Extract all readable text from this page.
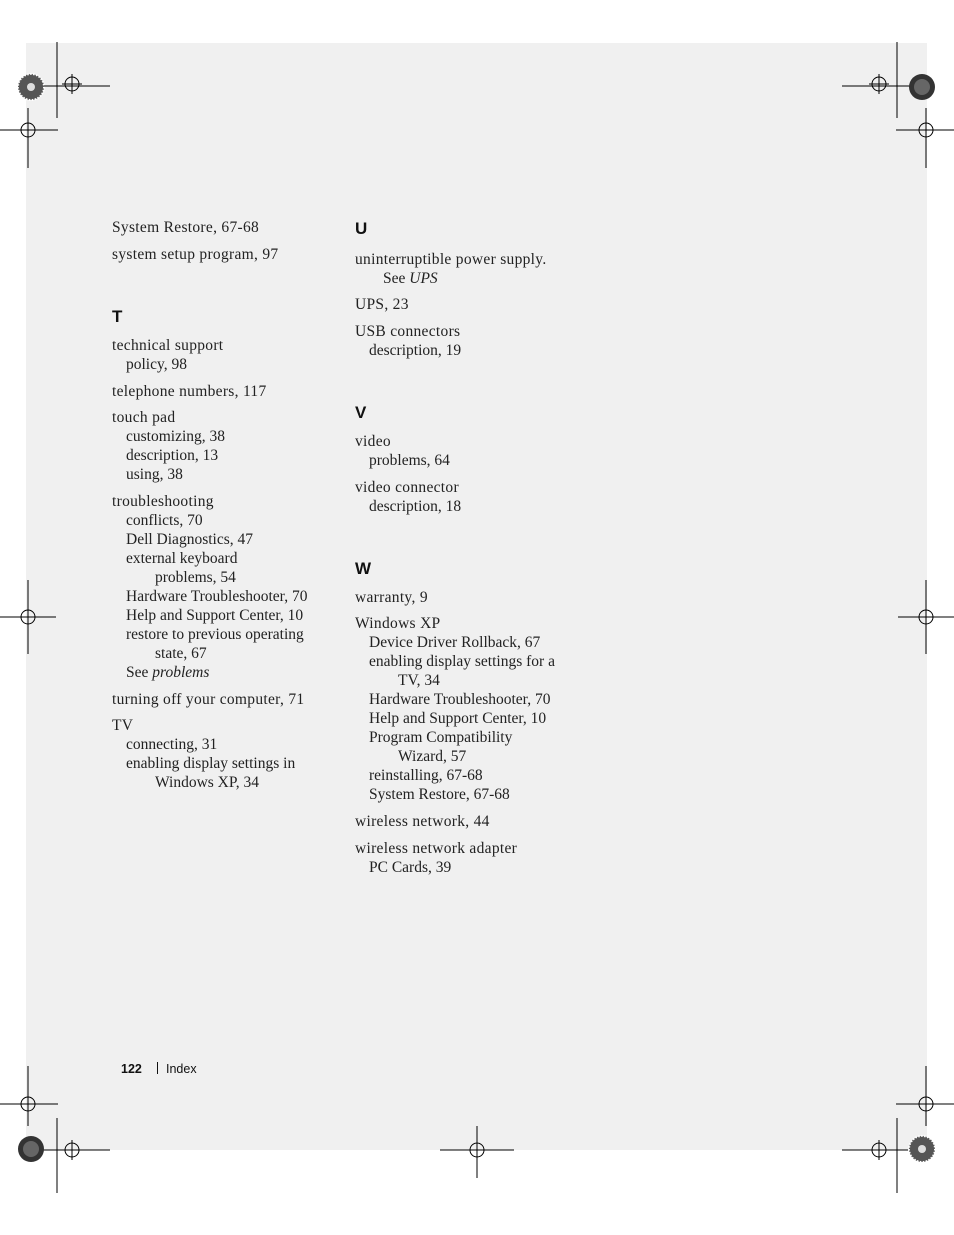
System Restore, 67-68
system setup program, 97
T
technical support
policy, 98
telephone numbers, 117
touch pad
customizing, 38
description, 13
using, 38
troubleshooting
conflicts, 70
Dell Diagnostics, 47
external keyboard
problems, 54
Hardware Troubleshooter, 70
Help and Support Center, 10
restore to previous operating
state, 67
See problems
turning off your computer, 71
TV
connecting, 31
enabling display settings in
Windows XP, 34
U
uninterruptible power supply.
See UPS
UPS, 23
USB connectors
description, 19
V
video
problems, 64
video connector
description, 18
W
warranty, 9
Windows XP
Device Driver Rollback, 67
enabling display settings for a
TV, 34
Hardware Troubleshooter, 70
Help and Support Center, 10
Program Compatibility
Wizard, 57
reinstalling, 67-68
System Restore, 67-68
wireless network, 44
wireless network adapter
PC Cards, 39
122 Index
